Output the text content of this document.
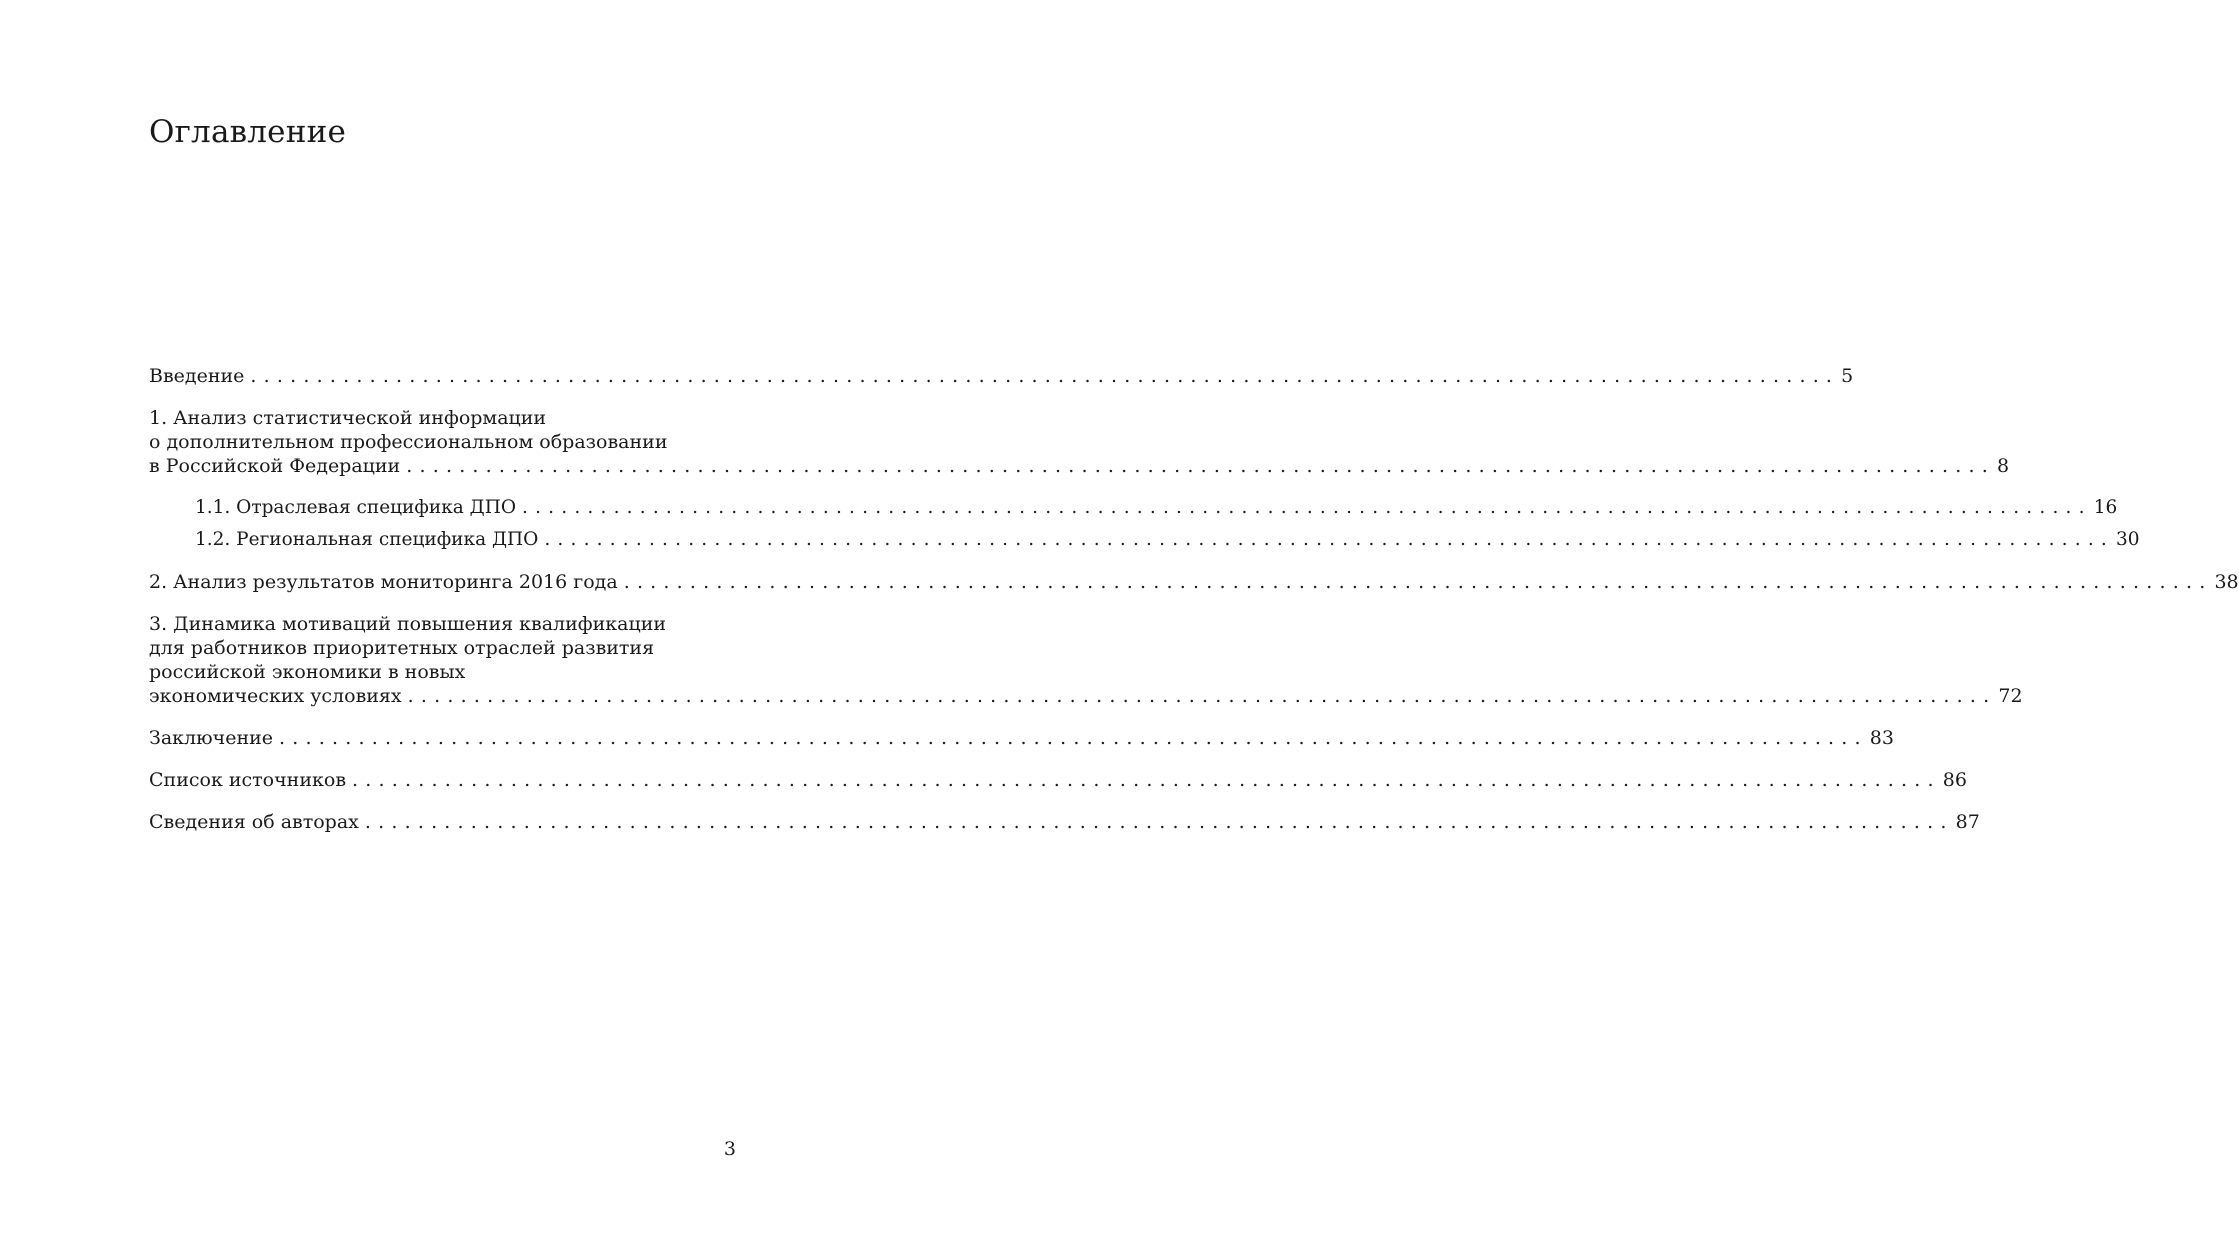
Оглавление
Введение ........................................................................................................................ 5
1. Анализ статистической информации
о дополнительном профессиональном образовании
в Российской Федерации ........................................................................................................................ 8
1.1. Отраслевая специфика ДПО ........................................................................................................................ 16
1.2. Региональная специфика ДПО ........................................................................................................................ 30
2. Анализ результатов мониторинга 2016 года ........................................................................................................................ 38
3. Динамика мотиваций повышения квалификации
для работников приоритетных отраслей развития
российской экономики в новых
экономических условиях ........................................................................................................................ 72
Заключение ........................................................................................................................ 83
Список источников ........................................................................................................................ 86
Сведения об авторах ........................................................................................................................ 87
3
